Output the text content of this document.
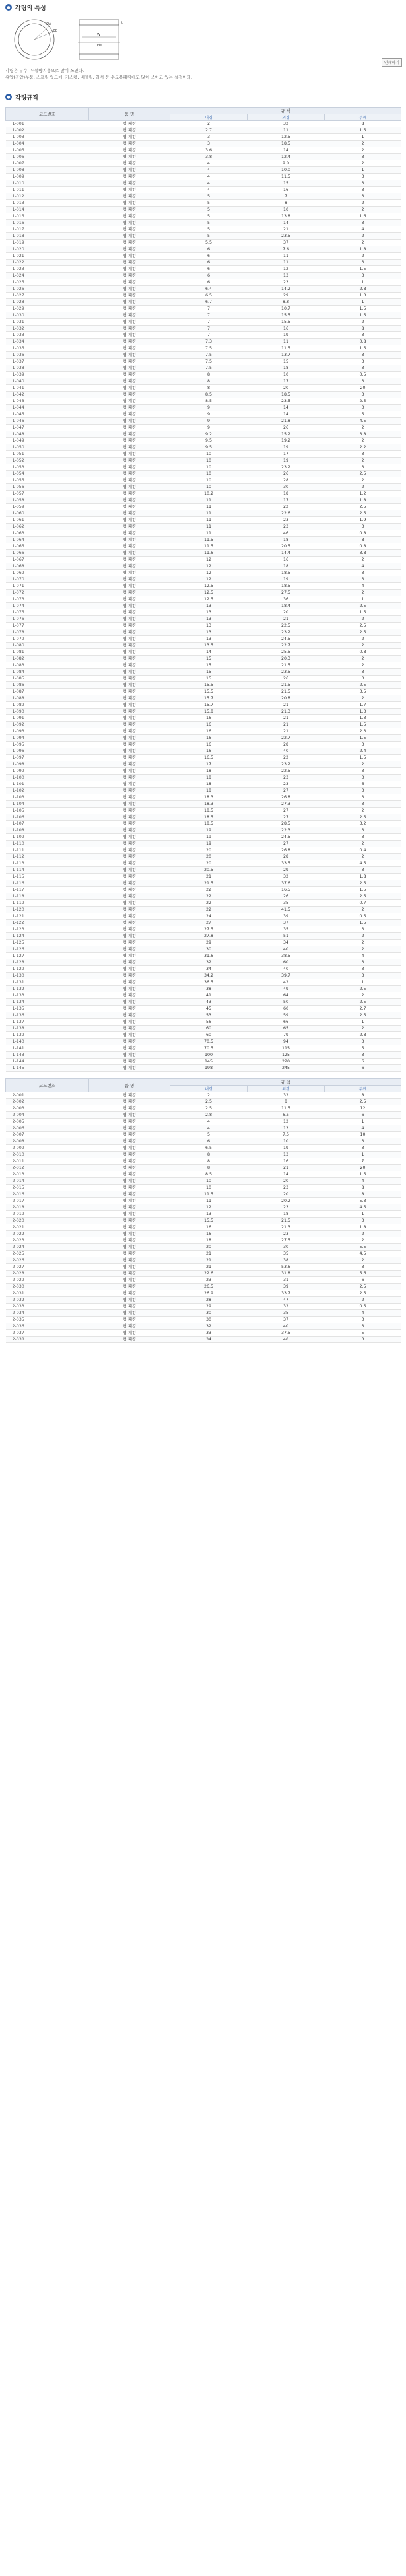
● 각링의 특성
ØA
ØB
W
Øe
t
각링은 누수, 누설방지용으로 많이 쓰인다.
유압(공압)부품, 스프링 잇드에, 가스켓, 베젤링, 와셔 등 수도용패킹에도 많이 쓰이고 있는 설정이다.
인쇄하기
● 각링규격
코드번호	품 명	규 격		
		내경	외경	두께
1-001	평 패킹	2	32	8
1-002	평 패킹	2.7	11	1.5
1-003	평 패킹	3	12.5	1
1-004	평 패킹	3	18.5	2
1-005	평 패킹	3.6	14	2
1-006	평 패킹	3.8	12.4	3
1-007	평 패킹	4	9.0	2
1-008	평 패킹	4	10.0	1
1-009	평 패킹	4	11.5	3
1-010	평 패킹	4	15	3
1-011	평 패킹	4	16	3
1-012	평 패킹	5	7	3
1-013	평 패킹	5	8	2
1-014	평 패킹	5	10	2
1-015	평 패킹	5	13.8	1.6
1-016	평 패킹	5	14	3
1-017	평 패킹	5	21	4
1-018	평 패킹	5	23.5	2
1-019	평 패킹	5.5	37	2
1-020	평 패킹	6	7.6	1.8
1-021	평 패킹	6	11	2
1-022	평 패킹	6	11	3
1-023	평 패킹	6	12	1.5
1-024	평 패킹	6	13	3
1-025	평 패킹	6	23	1
1-026	평 패킹	6.4	14.2	2.8
1-027	평 패킹	6.5	29	1.3
1-028	평 패킹	6.7	8.8	1
1-029	평 패킹	7	10.7	1.5
1-030	평 패킹	7	15.5	1.5
1-031	평 패킹	7	15.5	2
1-032	평 패킹	7	16	8
1-033	평 패킹	7	19	3
1-034	평 패킹	7.3	11	0.8
1-035	평 패킹	7.5	11.5	1.5
1-036	평 패킹	7.5	13.7	3
1-037	평 패킹	7.5	15	3
1-038	평 패킹	7.5	18	3
1-039	평 패킹	8	10	0.5
1-040	평 패킹	8	17	3
1-041	평 패킹	8	20	20
1-042	평 패킹	8.5	18.5	3
1-043	평 패킹	8.5	23.5	2.5
1-044	평 패킹	9	14	3
1-045	평 패킹	9	14	5
1-046	평 패킹	9	21.8	4.5
1-047	평 패킹	9	26	2
1-048	평 패킹	9.2	15.2	3.8
1-049	평 패킹	9.5	19.2	2
1-050	평 패킹	9.5	19	2.2
1-051	평 패킹	10	17	3
1-052	평 패킹	10	19	2
1-053	평 패킹	10	23.2	3
1-054	평 패킹	10	26	2.5
1-055	평 패킹	10	28	2
1-056	평 패킹	10	30	2
1-057	평 패킹	10.2	18	1.2
1-058	평 패킹	11	17	1.8
1-059	평 패킹	11	22	2.5
1-060	평 패킹	11	22.6	2.5
1-061	평 패킹	11	23	1.9
1-062	평 패킹	11	23	3
1-063	평 패킹	11	46	0.8
1-064	평 패킹	11.5	18	8
1-065	평 패킹	11.5	20.5	0.8
1-066	평 패킹	11.6	14.4	3.8
1-067	평 패킹	12	16	2
1-068	평 패킹	12	18	4
1-069	평 패킹	12	18.5	3
1-070	평 패킹	12	19	3
1-071	평 패킹	12.5	18.5	4
1-072	평 패킹	12.5	27.5	2
1-073	평 패킹	12.5	36	1
1-074	평 패킹	13	18.4	2.5
1-075	평 패킹	13	20	1.5
1-076	평 패킹	13	21	2
1-077	평 패킹	13	22.5	2.5
1-078	평 패킹	13	23.2	2.5
1-079	평 패킹	13	24.5	2
1-080	평 패킹	13.5	22.7	2
1-081	평 패킹	14	25.5	0.8
1-082	평 패킹	15	20.3	2
1-083	평 패킹	15	21.5	2
1-084	평 패킹	15	23.5	3
1-085	평 패킹	15	26	3
1-086	평 패킹	15.5	21.5	2.5
1-087	평 패킹	15.5	21.5	3.5
1-088	평 패킹	15.7	20.8	2
1-089	평 패킹	15.7	21	1.7
1-090	평 패킹	15.8	21.3	1.3
1-091	평 패킹	16	21	1.3
1-092	평 패킹	16	21	1.5
1-093	평 패킹	16	21	2.3
1-094	평 패킹	16	22.7	1.5
1-095	평 패킹	16	28	3
1-096	평 패킹	16	40	2.4
1-097	평 패킹	16.5	22	1.5
1-098	평 패킹	17	23.2	2
1-099	평 패킹	18	22.5	3
1-100	평 패킹	18	23	3
1-101	평 패킹	18	23	6
1-102	평 패킹	18	27	3
1-103	평 패킹	18.3	26.8	3
1-104	평 패킹	18.3	27.3	3
1-105	평 패킹	18.5	27	2
1-106	평 패킹	18.5	27	2.5
1-107	평 패킹	18.5	28.5	3.2
1-108	평 패킹	19	22.3	3
1-109	평 패킹	19	24.5	3
1-110	평 패킹	19	27	2
1-111	평 패킹	20	26.8	0.4
1-112	평 패킹	20	28	2
1-113	평 패킹	20	33.5	4.5
1-114	평 패킹	20.5	29	3
1-115	평 패킹	21	32	1.8
1-116	평 패킹	21.5	37.6	2.5
1-117	평 패킹	22	16.5	1.5
1-118	평 패킹	22	26	2.5
1-119	평 패킹	22	35	0.7
1-120	평 패킹	22	41.5	2
1-121	평 패킹	24	39	0.5
1-122	평 패킹	27	37	1.5
1-123	평 패킹	27.5	35	3
1-124	평 패킹	27.8	51	2
1-125	평 패킹	29	34	2
1-126	평 패킹	30	40	2
1-127	평 패킹	31.6	38.5	4
1-128	평 패킹	32	60	3
1-129	평 패킹	34	40	3
1-130	평 패킹	34.2	39.7	3
1-131	평 패킹	36.5	42	1
1-132	평 패킹	38	49	2.5
1-133	평 패킹	41	64	2
1-134	평 패킹	43	50	2.5
1-135	평 패킹	45	60	2.7
1-136	평 패킹	53	59	2.5
1-137	평 패킹	56	66	1
1-138	평 패킹	60	65	2
1-139	평 패킹	60	79	2.8
1-140	평 패킹	70.5	94	3
1-141	평 패킹	70.5	115	5
1-143	평 패킹	100	125	3
1-144	평 패킹	145	220	6
1-145	평 패킹	198	245	6
코드번호	품 명	규 격		
		내경	외경	두께
2-001	평 패킹	2	32	8
2-002	평 패킹	2.5	8	2.5
2-003	평 패킹	2.5	11.5	12
2-004	평 패킹	2.8	6.5	6
2-005	평 패킹	4	12	1
2-006	평 패킹	4	13	4
2-007	평 패킹	5	7.5	10
2-008	평 패킹	6	10	3
2-009	평 패킹	6.5	19	3
2-010	평 패킹	8	13	1
2-011	평 패킹	8	16	7
2-012	평 패킹	8	21	20
2-013	평 패킹	8.5	14	1.5
2-014	평 패킹	10	20	4
2-015	평 패킹	10	23	8
2-016	평 패킹	11.5	20	8
2-017	평 패킹	11	20.2	5.3
2-018	평 패킹	12	23	4.5
2-019	평 패킹	13	18	1
2-020	평 패킹	15.5	21.5	3
2-021	평 패킹	16	21.3	1.8
2-022	평 패킹	16	23	2
2-023	평 패킹	18	27.5	2
2-024	평 패킹	20	30	5.5
2-025	평 패킹	21	35	4.5
2-026	평 패킹	21	38	2
2-027	평 패킹	21	53.6	3
2-028	평 패킹	22.6	31.8	5.6
2-029	평 패킹	23	31	6
2-030	평 패킹	26.5	39	2.5
2-031	평 패킹	26.9	33.7	2.5
2-032	평 패킹	28	47	2
2-033	평 패킹	29	32	0.5
2-034	평 패킹	30	35	4
2-035	평 패킹	30	37	3
2-036	평 패킹	32	40	3
2-037	평 패킹	33	37.5	5
2-038	평 패킹	34	40	3
